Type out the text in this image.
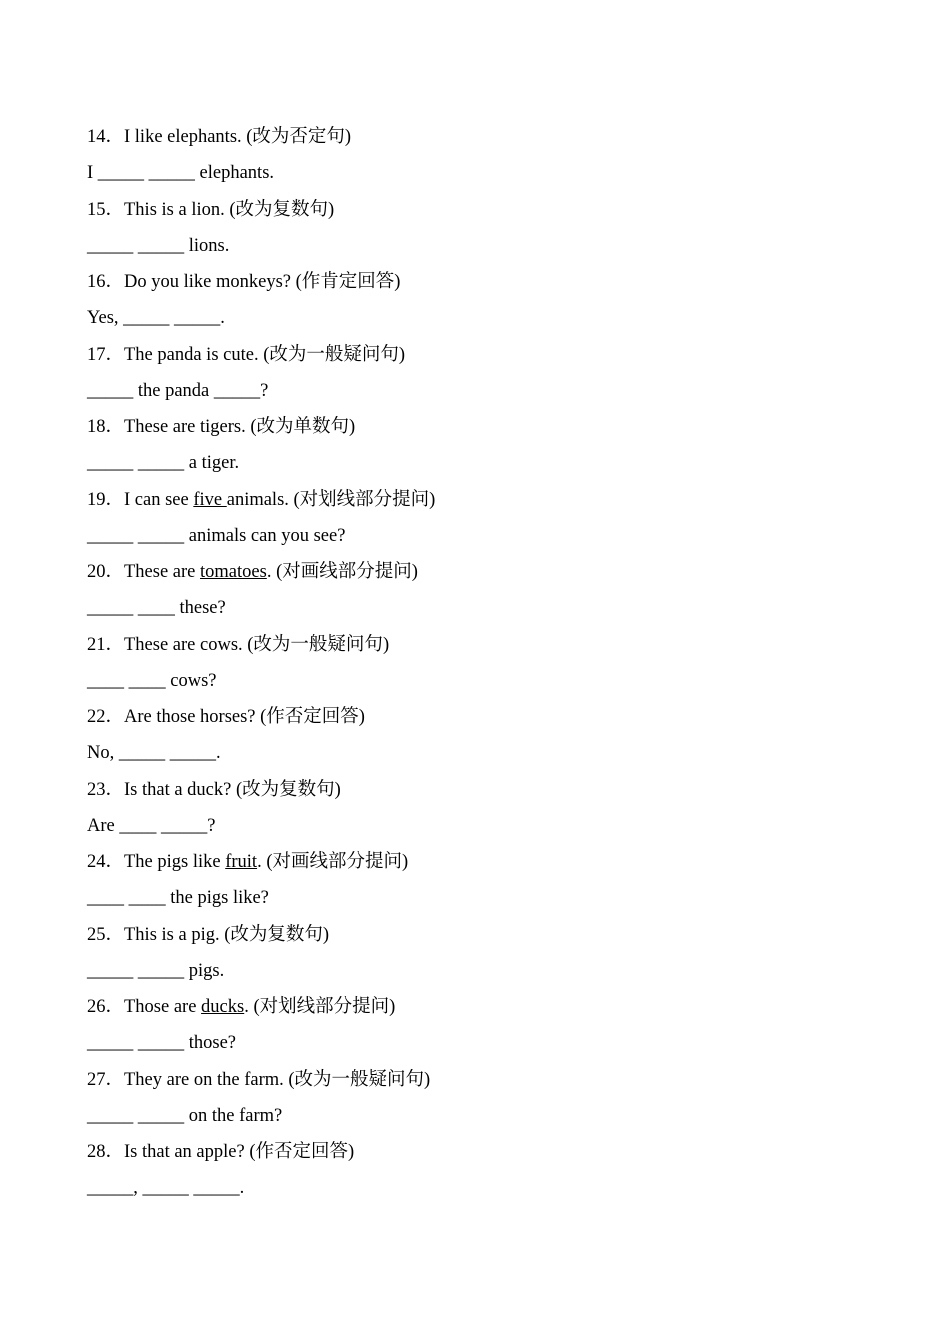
14．I like elephants. (改为否定句)
I _____ _____ elephants.
15．This is a lion. (改为复数句)
_____ _____ lions.
16．Do you like monkeys? (作肯定回答)
Yes, _____ _____.
17．The panda is cute. (改为一般疑问句)
_____ the panda _____?
18．These are tigers. (改为单数句)
_____ _____ a tiger.
19．I can see five animals. (对划线部分提问)
_____ _____ animals can you see?
20．These are tomatoes. (对画线部分提问)
_____ ____ these?
21．These are cows. (改为一般疑问句)
____ ____ cows?
22．Are those horses? (作否定回答)
No, _____ _____.
23．Is that a duck? (改为复数句)
Are ____ _____?
24．The pigs like fruit. (对画线部分提问)
____ ____ the pigs like?
25．This is a pig. (改为复数句)
_____ _____ pigs.
26．Those are ducks. (对划线部分提问)
_____ _____ those?
27．They are on the farm. (改为一般疑问句)
_____ _____ on the farm?
28．Is that an apple? (作否定回答)
_____, _____ _____.
